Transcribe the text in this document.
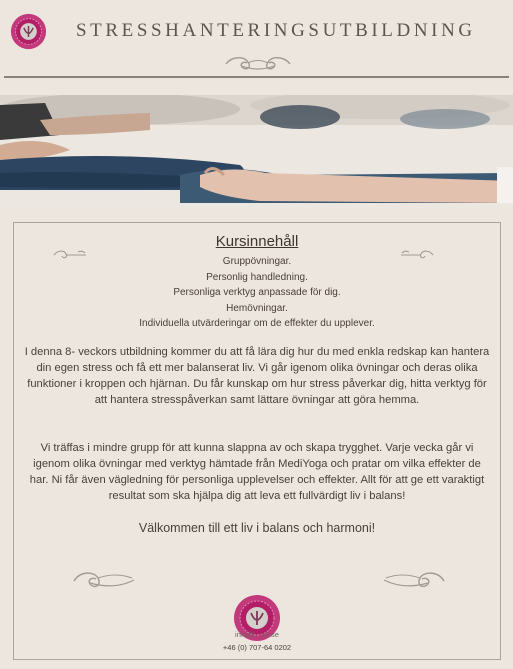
STRESSHANTERINGSUTBILDNING
Kursinnehåll
Gruppövningar.
Personlig handledning.
Personliga verktyg anpassade för dig.
Hemövningar.
Individuella utvärderingar om de effekter du upplever.
I denna 8- veckors utbildning kommer du att få lära dig hur du med enkla redskap kan hantera din egen stress och få ett mer balanserat liv. Vi går igenom olika övningar och deras olika funktioner i kroppen och hjärnan. Du får kunskap om hur stress påverkar dig, hitta verktyg för att hantera stresspåverkan samt lättare övningar att göra hemma.
Vi träffas i mindre grupp för att kunna slappna av och skapa trygghet. Varje vecka går vi igenom olika övningar med verktyg hämtade från MediYoga och pratar om vilka effekter de har. Ni får även vägledning för personliga upplevelser och effekter. Allt för att ge ett varaktigt resultat som ska hjälpa dig att leva ett fullvärdigt liv i balans!
Välkommen till ett liv i balans och harmoni!
info@...yo.se
+46 (0) 707-64 0202
